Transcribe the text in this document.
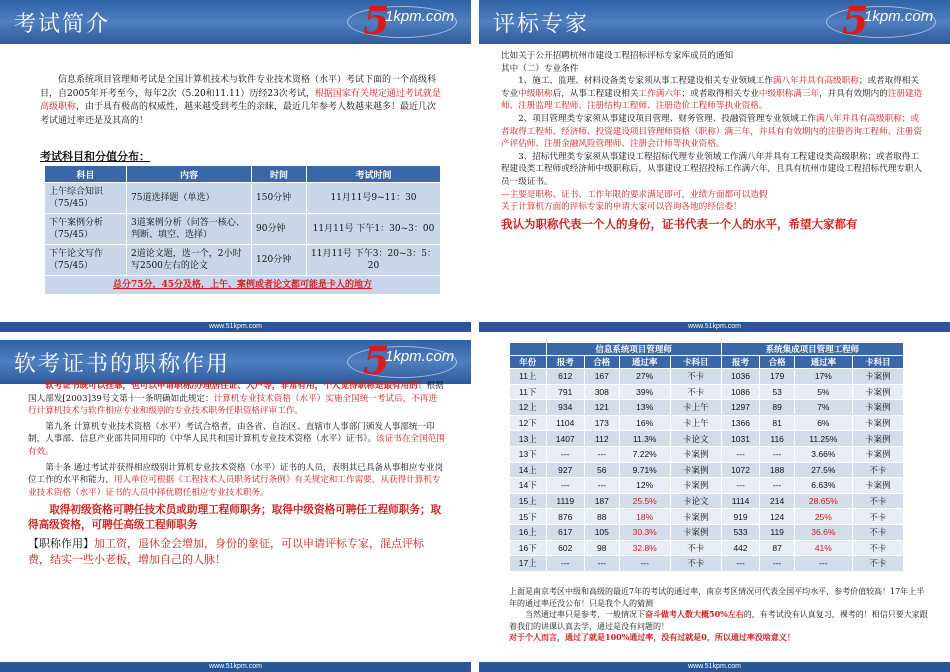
考试简介	5
1kpm.com
信息系统项目管理师考试是全国计算机技术与软件专业技术资格（水平）考试下面的一个高级科目，自2005年开考至今，每年2次（5.20和11.11）历经23次考试，根据国家有关规定通过考试就是高级职称，由于具有极高的权威性，越来越受到考生的亲睐，最近几年参考人数越来越多！最近几次考试通过率还是及其高的！
考试科目和分值分布：
科目	内容	时间	考试时间
上午综合知识（75/45）	75道选择题（单选）	150分钟	11月11号9~11：30
下午案例分析（75/45）	3道案例分析（问答一核心、判断、填空、选择）	90分钟	11月11号 下午1：30~3：00
下午论文写作（75/45）	2道论文题，选一个，2小时写2500左右的论文	120分钟	11月11号 下午3：20~3：5：20
总分75分，45分及格，上午、案例或者论文都可能是卡人的地方			
www.51kpm.com
评标专家	5
1kpm.com
比如关于公开招聘杭州市建设工程招标评标专家库成员的通知
其中（二）专业条件
1、施工、监理、材料设备类专家须从事工程建设相关专业领域工作满八年并具有高级职称；或者取得相关专业中级职称后，从事工程建设相关工作满六年；或者取得相关专业中级职称满三年，并具有效期内的注册建造师、注册监理工程师、注册结构工程师、注册造价工程师等执业资格。
2、项目管理类专家须从事建设项目管理、财务管理、投融资管理专业领域工作满八年并具有高级职称；或者取得工程师、经济师、投资建设项目管理师资格（职称）满三年，并具有有效期内的注册咨询工程师、注册资产评估师、注册金融风险管理师、注册会计师等执业资格。
3、招标代理类专家须从事建设工程招标代理专业领域工作满八年并具有工程建设类高级职称；或者取得工程建设类工程师或经济师中级职称后，从事建设工程招投标工作满六年，且具有杭州市建设工程招标代理专职人员一级证书。
—主要是职称、证书、工作年限的要求满足即可，业绩方面都可以造假
关于计算机方面的评标专家的申请大家可以咨询各地的经信委！
我认为职称代表一个人的身份，证书代表一个人的水平，希望大家都有
www.51kpm.com
软考证书的职称作用	5
1kpm.com
软考证书既可以挂靠，也可以申请职称/办理居住证、入户等，非常有用，个人觉得职称是最有用的！根据国人部发[2003]39号文第十一条明确如此规定：计算机专业技术资格（水平）实施全国统一考试后，不再进行计算机技术与软件相应专业和级别的专业技术职务任职资格评审工作。
第九条 计算机专业技术资格（水平）考试合格者，由各省、自治区、直辖市人事部门颁发人事部统一印制，人事部、信息产业部共同用印的《中华人民共和国计算机专业技术资格（水平）证书》。该证书在全国范围有效。
第十条 通过考试并获得相应级别计算机专业技术资格（水平）证书的人员，表明其已具备从事相应专业岗位工作的水平和能力，用人单位可根据《工程技术人员职务试行条例》有关规定和工作需要，从获得计算机专业技术资格（水平）证书的人员中择优聘任相应专业技术职务。
取得初级资格可聘任技术员或助理工程师职务；取得中级资格可聘任工程师职务；取得高级资格，可聘任高级工程师职务
【职称作用】加工资，退休金会增加，身份的象征，可以申请评标专家，混点评标费，结实一些小老板，增加自己的人脉！
www.51kpm.com
	信息系统项目管理师				系统集成项目管理工程师			
年份	报考	合格	通过率	卡科目	报考	合格	通过率	卡科目
11上	612	167	27%	不卡	1036	179	17%	卡案例
11下	791	308	39%	不卡	1086	53	5%	卡案例
12上	934	121	13%	卡上午	1297	89	7%	卡案例
12下	1104	173	16%	卡上午	1366	81	6%	卡案例
13上	1407	112	11.3%	卡论文	1031	116	11.25%	卡案例
13下	---	---	7.22%	卡案例	---	---	3.66%	卡案例
14上	927	56	9.71%	卡案例	1072	188	27.5%	不卡
14下	---	---	12%	卡案例	---	---	6.63%	卡案例
15上	1119	187	25.5%	卡论文	1114	214	28.65%	不卡
15下	876	88	18%	卡案例	919	124	25%	不卡
16上	617	105	30.3%	卡案例	533	119	36.6%	不卡
16下	602	98	32.8%	不卡	442	87	41%	不卡
17上	---	---	---	不卡	---	---	---	不卡
上面是南京考区中级和高级的最近7年的考试的通过率，南京考区情况可代表全国平均水平，参考价值较高！17年上半年的通过率还没公布！只是我个人的猜测
当然通过率只是参考，一般情况下奋斗做考人数大概50%左右的，有考试没有认真复习，裸考的！相信只要大家跟着我们的讲课认真去学，通过是没有问题的！
对于个人而言，通过了就是100%通过率，没有过就是0，所以通过率没啥意义！
www.51kpm.com
